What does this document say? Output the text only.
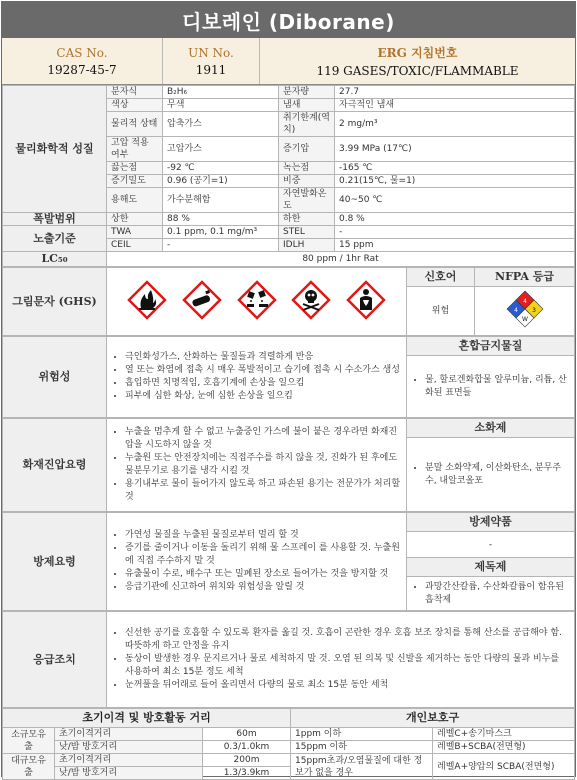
디보레인 (Diborane)
CAS No.
19287-45-7
UN No.
1911
ERG 지침번호
119 GASES/TOXIC/FLAMMABLE
물리화학적 성질	분자식	B₂H₆	분자량	27.7
	색상	무색	냄새	자극적인 냄새
	물리적 상태	압축가스	취기한계(역치)	2 mg/m³
	고압 적용 여부	고압가스	증기압	3.99 MPa (17℃)
	끓는점	-92 ℃	녹는점	-165 ℃
	증기밀도	0.96 (공기=1)	비중	0.21(15℃, 물=1)
	용해도	가수분해함	자연발화온도	40~50 ℃
폭발범위	상한	88 %	하한	0.8 %
노출기준	TWA	0.1 ppm, 0.1 mg/m³	STEL	-
	CEIL	-	IDLH	15 ppm
LC₅₀	80 ppm / 1hr Rat			
그림문자 (GHS)		신호어	NFPA 등급
		위험	4
4 3
W
위험성	
• 극인화성가스, 산화하는 물질들과 격렬하게 반응
• 열 또는 화염에 접촉 시 매우 폭발적이고 습기에 접촉 시 수소가스 생성
• 흡입하면 치명적임, 호흡기계에 손상을 일으킴
• 피부에 심한 화상, 눈에 심한 손상을 일으킴
	혼합금지물질

• 물, 할로겐화합물 알루미늄, 리튬, 산화된 표면들
화재진압요령	
• 누출을 멈추게 할 수 없고 누출중인 가스에 불이 붙은 경우라면 화재진압을 시도하지 않을 것
• 누출원 또는 안전장치에는 직접주수를 하지 않을 것, 진화가 된 후에도 물분무기로 용기를 냉각 시킬 것
• 용기내부로 물이 들어가지 않도록 하고 파손된 용기는 전문가가 처리할 것
	소화제

• 분말 소화약제, 이산화탄소, 분무주수, 내알코올포
방제요령	
• 가연성 물질을 누출된 물질로부터 멀리 할 것
• 증기를 줄이거나 이동을 돌리기 위해 물 스프레이 를 사용할 것. 누출원에 직접 주수하지 말 것
• 유출물이 수로, 배수구 또는 밀폐된 장소로 들어가는 것을 방지할 것
• 응급기관에 신고하여 위치와 위험성을 알릴 것
	방제약품
-
제독제

• 과망간산칼륨, 수산화칼륨이 함유된 흡착제
응급조치	
• 신선한 공기를 호흡할 수 있도록 환자를 옮길 것. 호흡이 곤란한 경우 호흡 보조 장치를 통해 산소를 공급해야 함. 따뜻하게 하고 안정을 유지
• 동상이 발생한 경우 문지르거나 물로 세척하지 말 것. 오염 된 의복 및 신발을 제거하는 동안 다량의 물과 비누를 사용하여 최소 15분 정도 세척
• 눈꺼풀을 뒤어래로 들어 올리면서 다량의 물로 최소 15분 동안 세척
초기이격 및 방호활동 거리			개인보호구	
소규모유출	초기이격거리	60m	1ppm 이하	레벨C+송기마스크
	낮/밤 방호거리	0.3/1.0km	15ppm 이하	레벨B+SCBA(전면형)
대규모유출	초기이격거리	200m	15ppm초과/오염물질에 대한 정보가 없을 경우	레벨A+양압의 SCBA(전면형)
	낮/밤 방호거리	1.3/3.9km		
